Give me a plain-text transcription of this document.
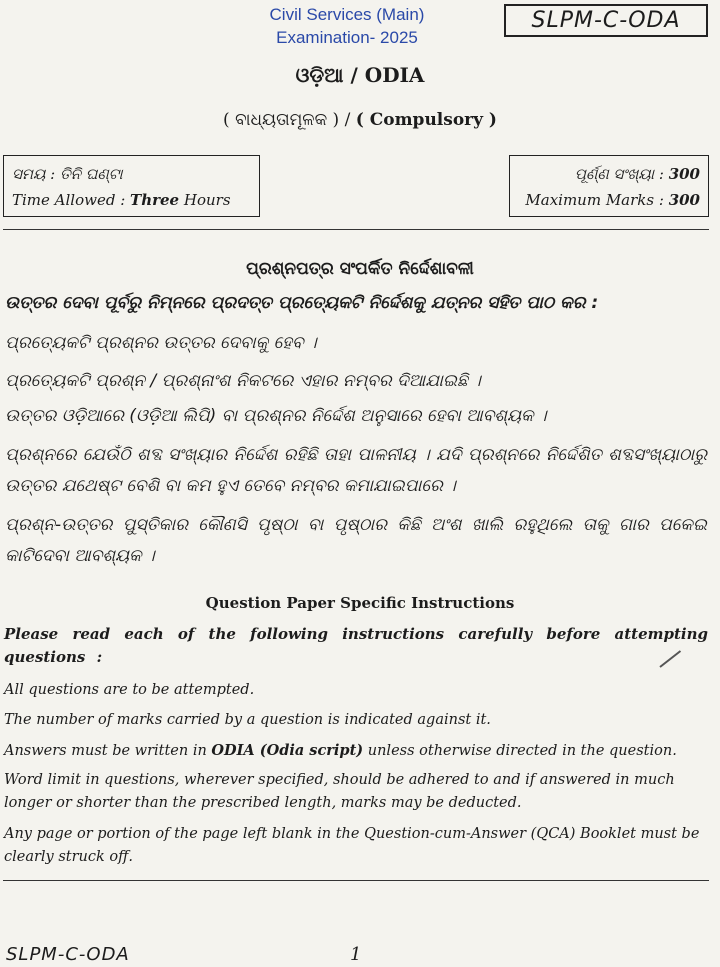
Civil Services (Main)
Examination- 2025
SLPM-C-ODA
ଓଡ଼ିଆ / ODIA
( ବାଧ୍ୟତାମୂଳକ ) / ( Compulsory )
ସମୟ : ତିନି ଘଣ୍ଟା
Time Allowed : Three Hours
ପୂର୍ଣ୍ଣ ସଂଖ୍ୟା : 300
Maximum Marks : 300
ପ୍ରଶ୍ନପତ୍ର ସଂପର୍କିତ ନିର୍ଦ୍ଦେଶାବଳୀ
ଉତ୍ତର ଦେବା ପୂର୍ବରୁ ନିମ୍ନରେ ପ୍ରଦତ୍ତ ପ୍ରତ୍ୟେକଟି ନିର୍ଦ୍ଦେଶକୁ ଯତ୍ନର ସହିତ ପାଠ କର :
ପ୍ରତ୍ୟେକଟି ପ୍ରଶ୍ନର ଉତ୍ତର ଦେବାକୁ ହେବ ।
ପ୍ରତ୍ୟେକଟି ପ୍ରଶ୍ନ / ପ୍ରଶ୍ନାଂଶ ନିକଟରେ ଏହାର ନମ୍ବର ଦିଆଯାଇଛି ।
ଉତ୍ତର ଓଡ଼ିଆରେ (ଓଡ଼ିଆ ଲିପି) ବା ପ୍ରଶ୍ନର ନିର୍ଦ୍ଦେଶ ଅନୁସାରେ ହେବା ଆବଶ୍ୟକ ।
ପ୍ରଶ୍ନରେ ଯେଉଁଠି ଶବ୍ଦ ସଂଖ୍ୟାର ନିର୍ଦ୍ଦେଶ ରହିଛି ତାହା ପାଳନୀୟ । ଯଦି ପ୍ରଶ୍ନରେ ନିର୍ଦ୍ଦେଶିତ ଶବ୍ଦସଂଖ୍ୟାଠାରୁ ଉତ୍ତର ଯଥେଷ୍ଟ ବେଶି ବା କମ ହୁଏ ତେବେ ନମ୍ବର କମାଯାଇପାରେ ।
ପ୍ରଶ୍ନ-ଉତ୍ତର ପୁସ୍ତିକାର କୌଣସି ପୃଷ୍ଠା ବା ପୃଷ୍ଠାର କିଛି ଅଂଶ ଖାଲି ରହୁଥିଲେ ତାକୁ ଗାର ପକେଇ କାଟିଦେବା ଆବଶ୍ୟକ ।
Question Paper Specific Instructions
Please read each of the following instructions carefully before attempting questions :
All questions are to be attempted.
The number of marks carried by a question is indicated against it.
Answers must be written in ODIA (Odia script) unless otherwise directed in the question.
Word limit in questions, wherever specified, should be adhered to and if answered in much longer or shorter than the prescribed length, marks may be deducted.
Any page or portion of the page left blank in the Question-cum-Answer (QCA) Booklet must be clearly struck off.
SLPM-C-ODA	1
